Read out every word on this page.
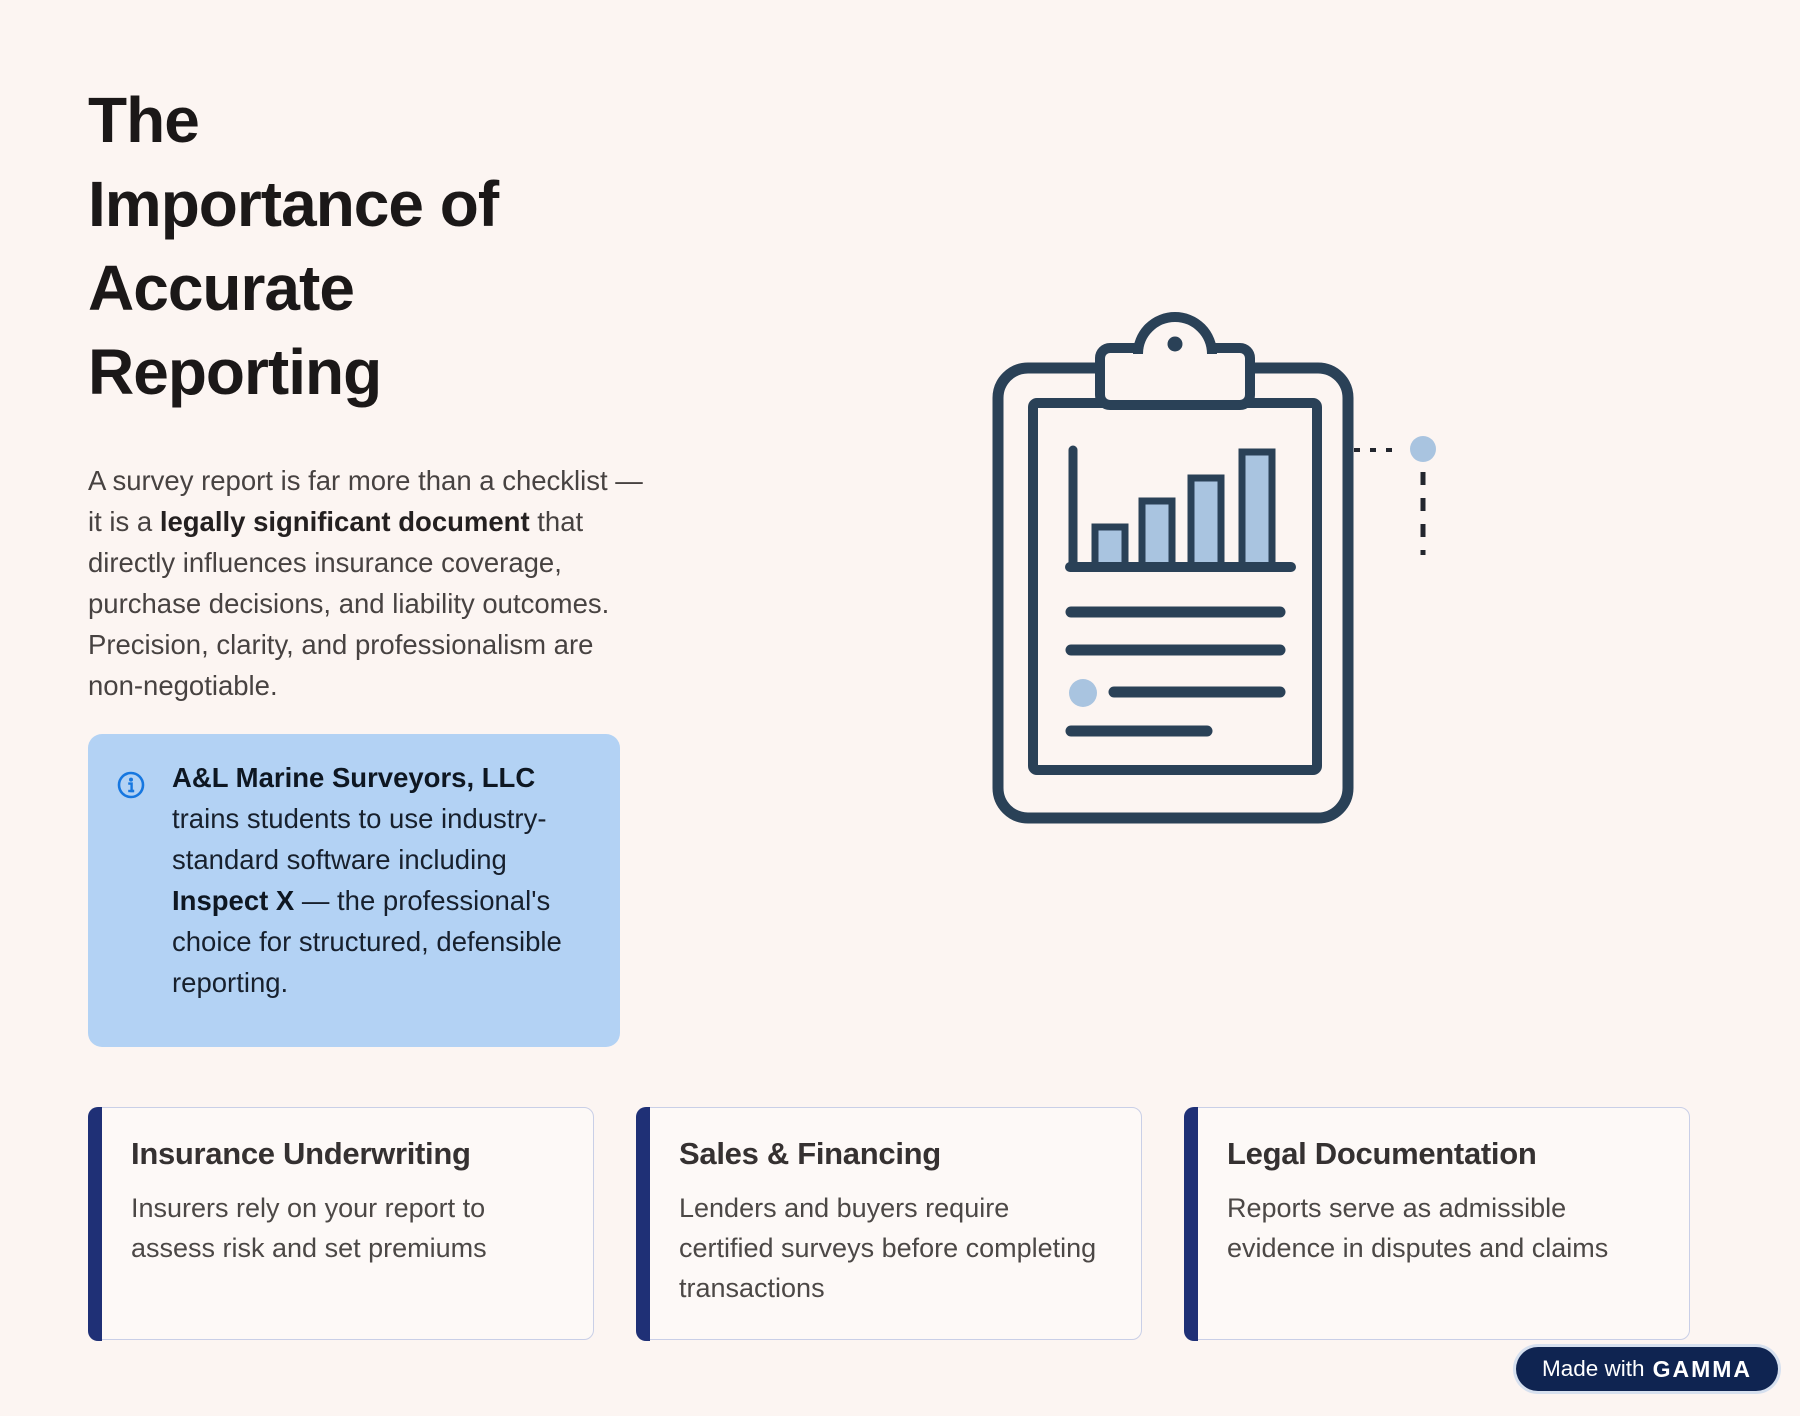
The Importance of Accurate Reporting

A survey report is far more than a checklist — it is a legally significant document that directly influences insurance coverage, purchase decisions, and liability outcomes. Precision, clarity, and professionalism are non-negotiable.

A&L Marine Surveyors, LLC trains students to use industry-standard software including Inspect X — the professional's choice for structured, defensible reporting.

Insurance Underwriting

Insurers rely on your report to assess risk and set premiums

Sales & Financing

Lenders and buyers require certified surveys before completing transactions

Legal Documentation

Reports serve as admissible evidence in disputes and claims

Made with GAMMA
